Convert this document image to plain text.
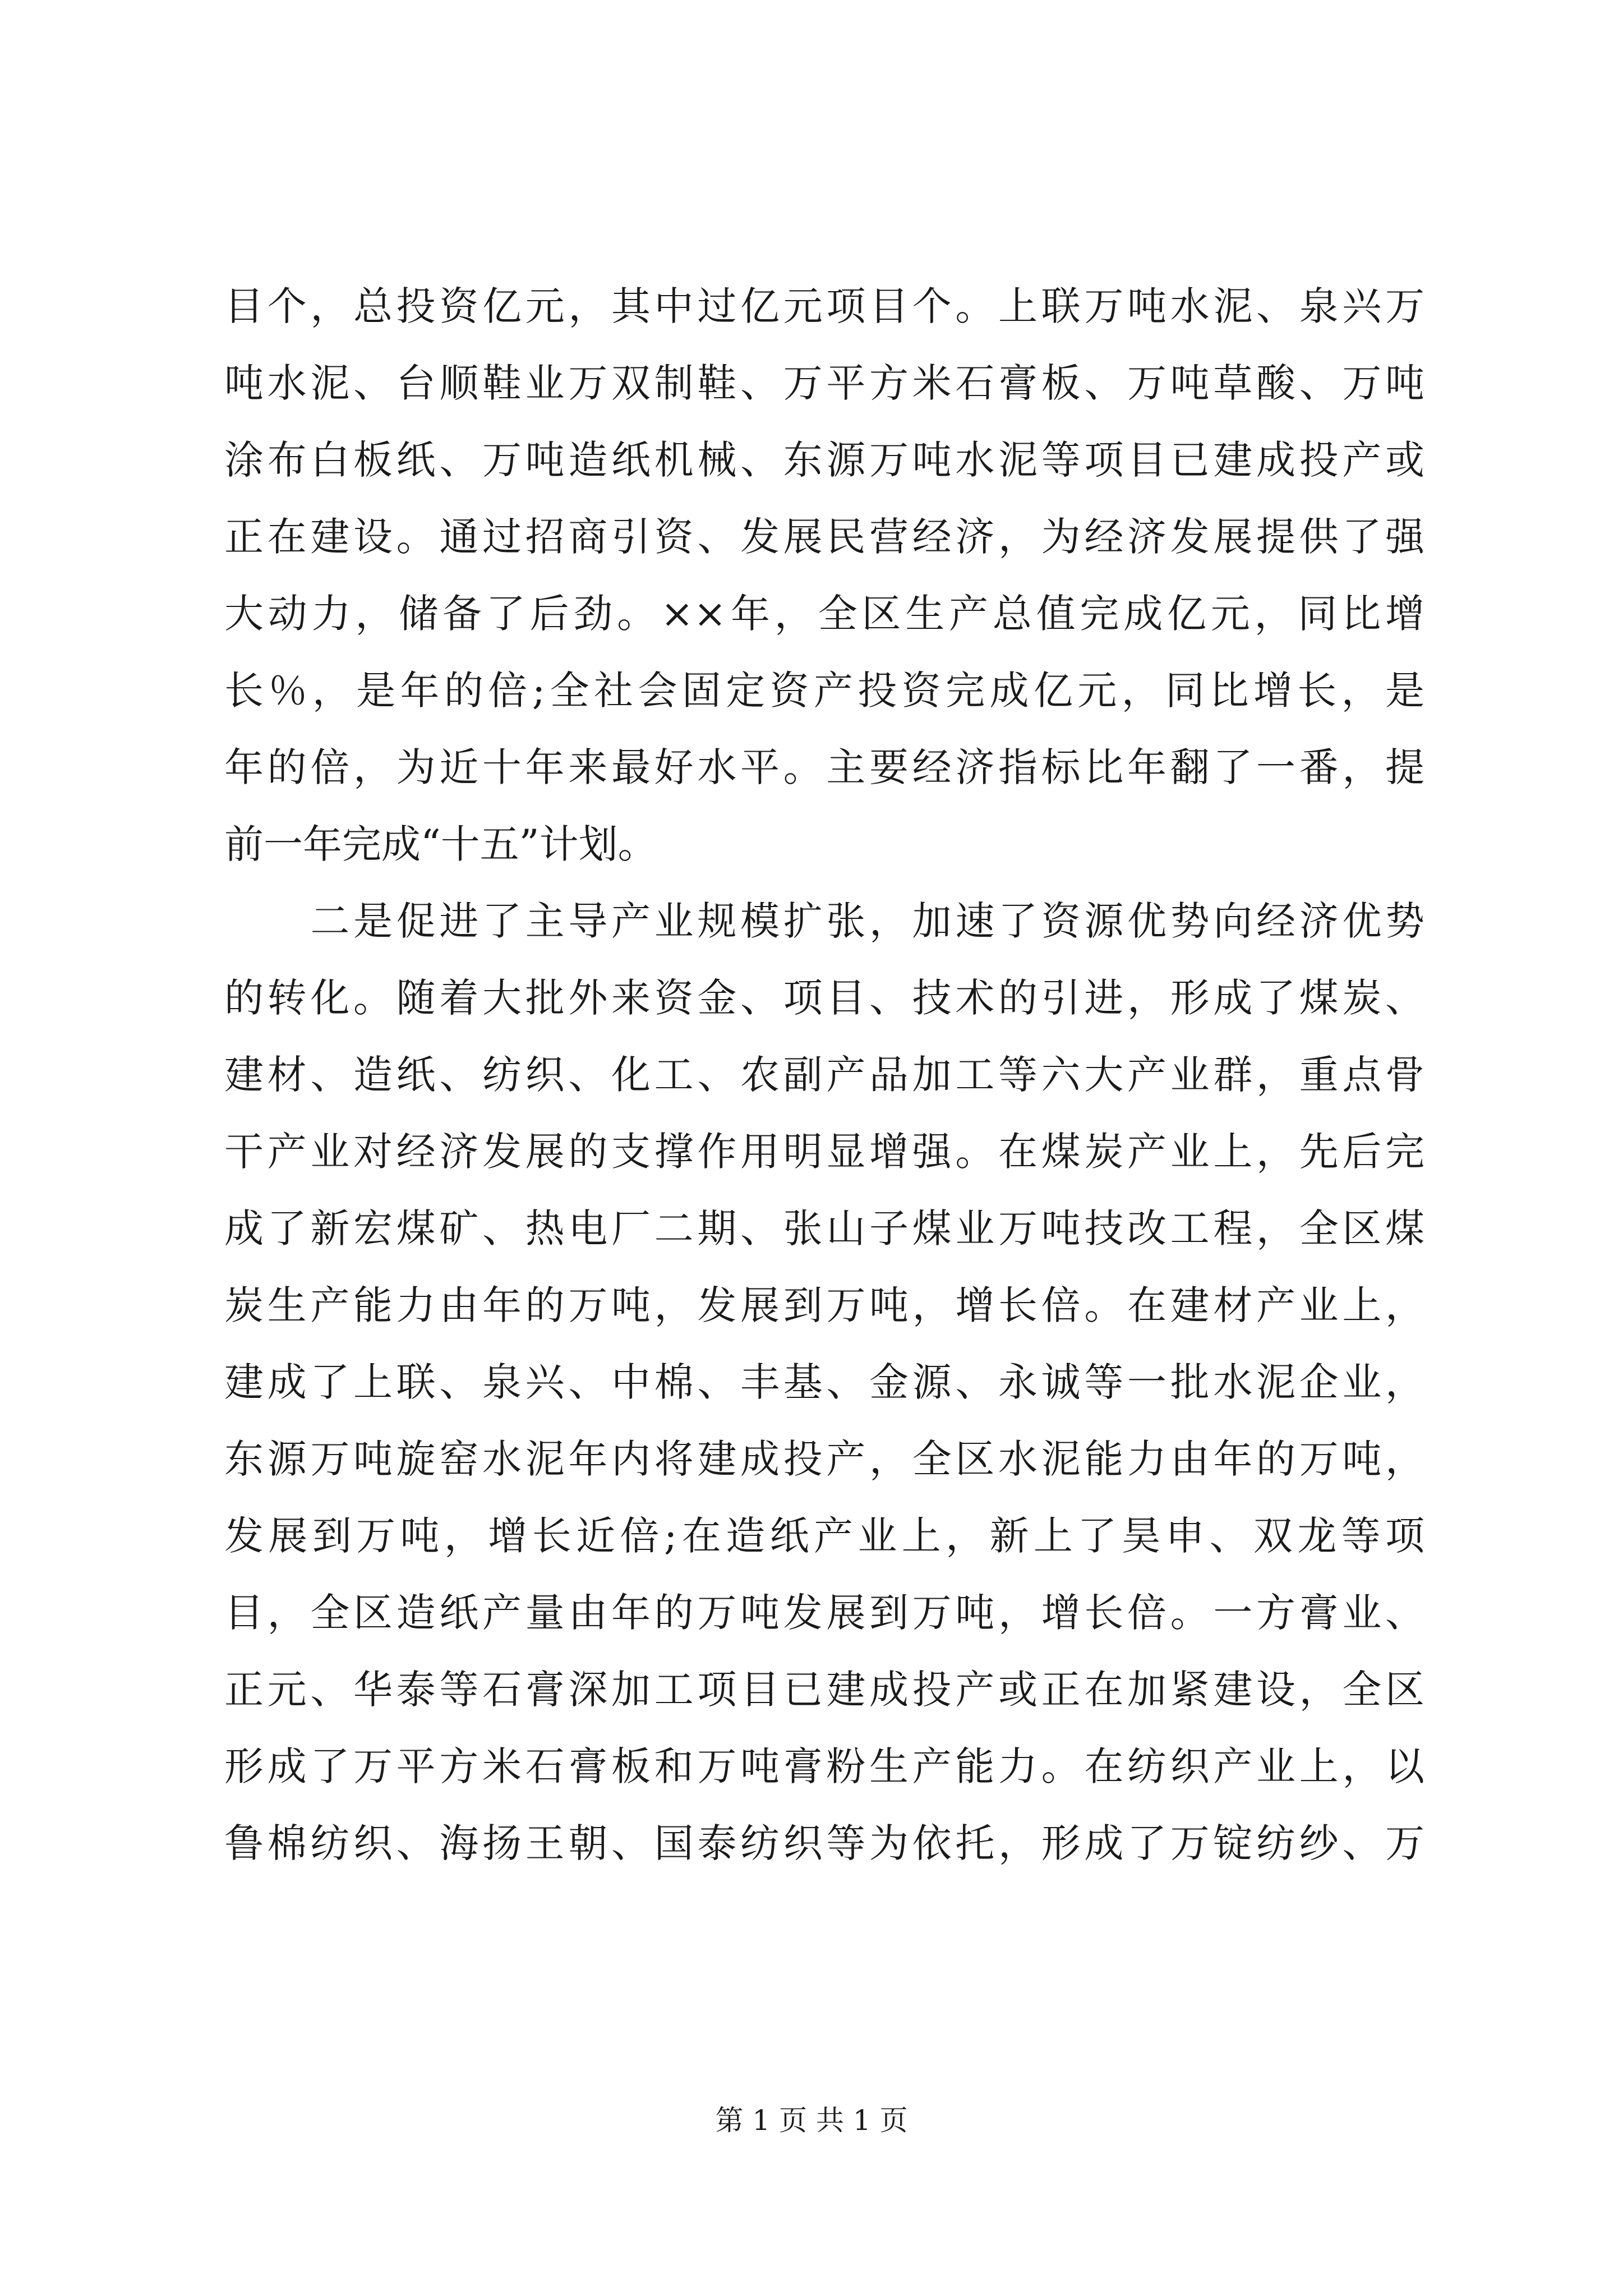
目个，总投资亿元，其中过亿元项目个。上联万吨水泥、泉兴万
吨水泥、台顺鞋业万双制鞋、万平方米石膏板、万吨草酸、万吨
涂布白板纸、万吨造纸机械、东源万吨水泥等项目已建成投产或
正在建设。通过招商引资、发展民营经济，为经济发展提供了强
大动力，储备了后劲。××年，全区生产总值完成亿元，同比增
长％，是年的倍;全社会固定资产投资完成亿元，同比增长，是
年的倍，为近十年来最好水平。主要经济指标比年翻了一番，提
前一年完成“十五”计划。
　　二是促进了主导产业规模扩张，加速了资源优势向经济优势
的转化。随着大批外来资金、项目、技术的引进，形成了煤炭、
建材、造纸、纺织、化工、农副产品加工等六大产业群，重点骨
干产业对经济发展的支撑作用明显增强。在煤炭产业上，先后完
成了新宏煤矿、热电厂二期、张山子煤业万吨技改工程，全区煤
炭生产能力由年的万吨，发展到万吨，增长倍。在建材产业上，
建成了上联、泉兴、中棉、丰基、金源、永诚等一批水泥企业，
东源万吨旋窑水泥年内将建成投产，全区水泥能力由年的万吨，
发展到万吨，增长近倍;在造纸产业上，新上了昊申、双龙等项
目，全区造纸产量由年的万吨发展到万吨，增长倍。一方膏业、
正元、华泰等石膏深加工项目已建成投产或正在加紧建设，全区
形成了万平方米石膏板和万吨膏粉生产能力。在纺织产业上，以
鲁棉纺织、海扬王朝、国泰纺织等为依托，形成了万锭纺纱、万
第 1 页 共 1 页
